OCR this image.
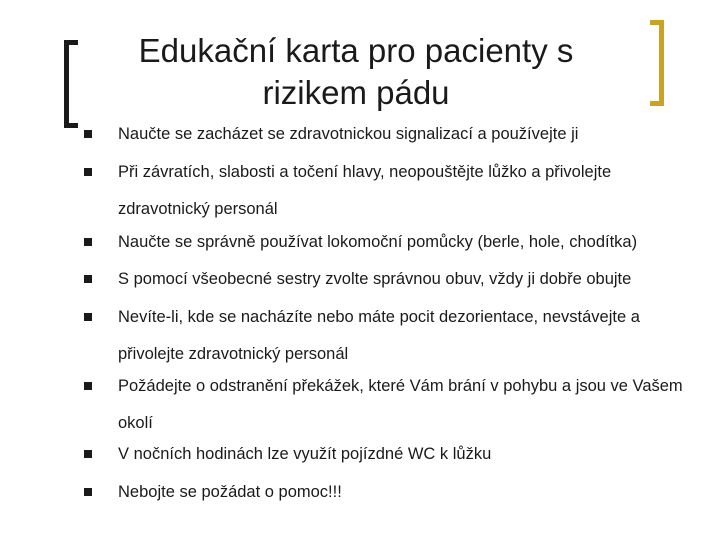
Edukační karta pro pacienty s rizikem pádu
Naučte se zacházet se zdravotnickou signalizací a používejte ji
Při závratích, slabosti a točení hlavy, neopouštějte lůžko a přivolejte zdravotnický personál
Naučte se správně používat lokomoční pomůcky (berle, hole, chodítka)
S pomocí všeobecné sestry zvolte správnou obuv, vždy ji dobře obujte
Nevíte-li, kde se nacházíte nebo máte pocit dezorientace, nevstávejte a přivolejte zdravotnický personál
Požádejte o odstranění překážek, které Vám brání v pohybu a jsou ve Vašem okolí
V nočních hodinách lze využít pojízdné WC k lůžku
Nebojte se požádat o pomoc!!!
